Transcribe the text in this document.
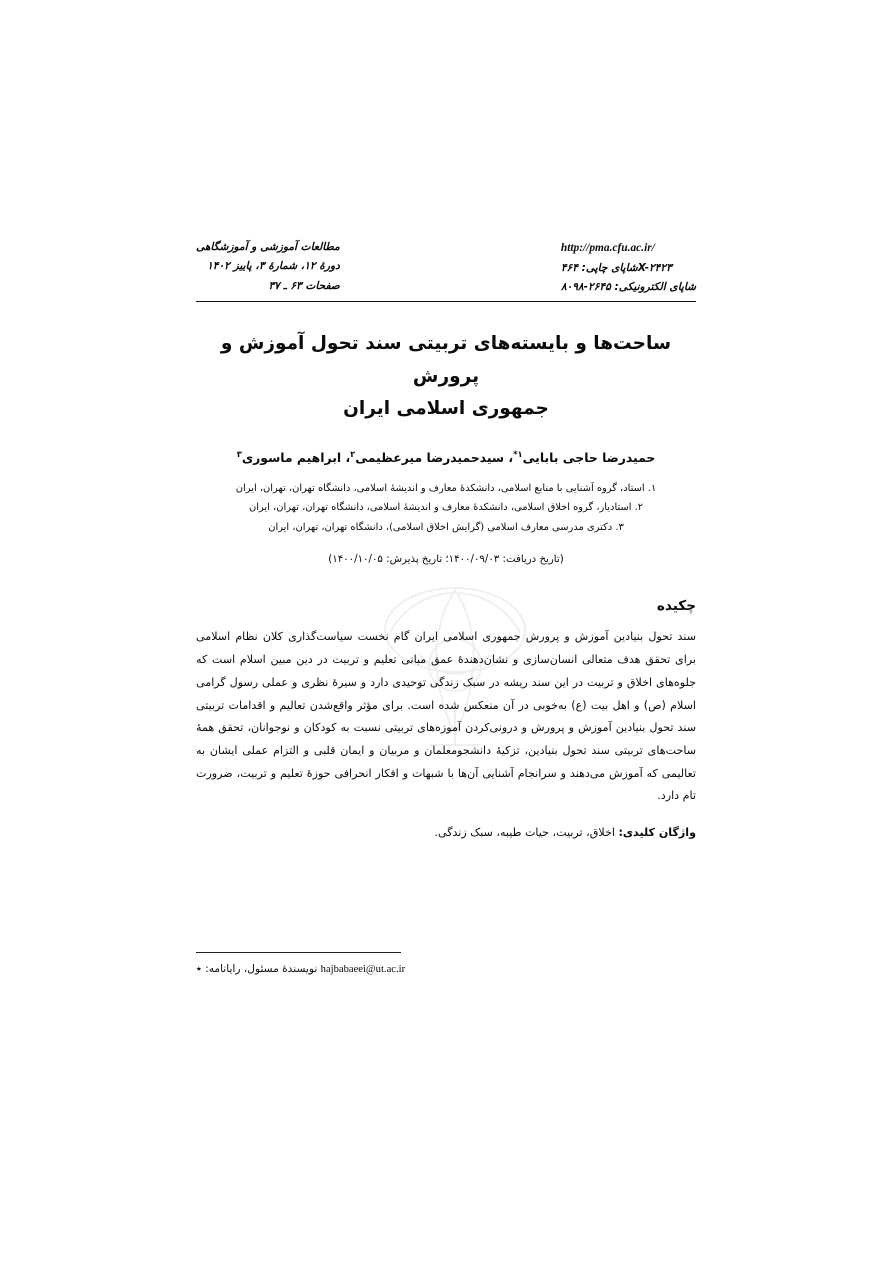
مطالعات آموزشی و آموزشگاهی
دورهٔ ۱۲، شمارهٔ ۳، پاییز ۱۴۰۲
صفحات ۶۳ ـ ۳۷
http://pma.cfu.ac.ir/
شاپای چاپی: ۴۶۴X-۲۴۲۳
شاپای الکترونیکی: ۲۶۴۵-۸۰۹۸
ساحت‌ها و بایسته‌های تربیتی سند تحول آموزش و پرورش
جمهوری اسلامی ایران
حمیدرضا حاجی بابایی$^{۱*}$، سیدحمیدرضا میرعظیمی$^۲$، ابراهیم ماسوری$^۳$
۱. استاد، گروه آشنایی با منابع اسلامی، دانشکدهٔ معارف و اندیشهٔ اسلامی، دانشگاه تهران، تهران، ایران
۲. استادیار، گروه اخلاق اسلامی، دانشکدهٔ معارف و اندیشهٔ اسلامی، دانشگاه تهران، تهران، ایران
۳. دکتری مدرسی معارف اسلامی (گرایش اخلاق اسلامی)، دانشگاه تهران، تهران، ایران
(تاریخ دریافت: ۱۴۰۰/۰۹/۰۳؛ تاریخ پذیرش: ۱۴۰۰/۱۰/۰۵)
چکیده
سند تحول بنیادین آموزش و پرورش جمهوری اسلامی ایران گام نخست سیاست‌گذاری کلان نظام اسلامی برای تحقق هدف متعالی انسان‌سازی و نشان‌دهندهٔ عمق مبانی تعلیم و تربیت در دین مبین اسلام است که جلوه‌های اخلاق و تربیت در این سند ریشه در سبک زندگی توحیدی دارد و سیرهٔ نظری و عملی رسول گرامی اسلام (ص) و اهل بیت (ع) به‌خوبی در آن منعکس شده است. برای مؤثر واقع‌شدن تعالیم و اقدامات تربیتی سند تحول بنیادین آموزش و پرورش و درونی‌کردن آموزه‌های تربیتی نسبت به کودکان و نوجوانان، تحقق همهٔ ساحت‌های تربیتی سند تحول بنیادین، تزکیهٔ دانشجومعلمان و مربیان و ایمان قلبی و التزام عملی ایشان به تعالیمی که آموزش می‌دهند و سرانجام آشنایی آن‌ها با شبهات و افکار انحرافی حوزهٔ تعلیم و تربیت، ضرورت تام دارد.
واژگان کلیدی: اخلاق، تربیت، حیات طیبه، سبک زندگی.
hajbabaeei@ut.ac.ir نویسندهٔ مسئول، رایانامه: ٭
